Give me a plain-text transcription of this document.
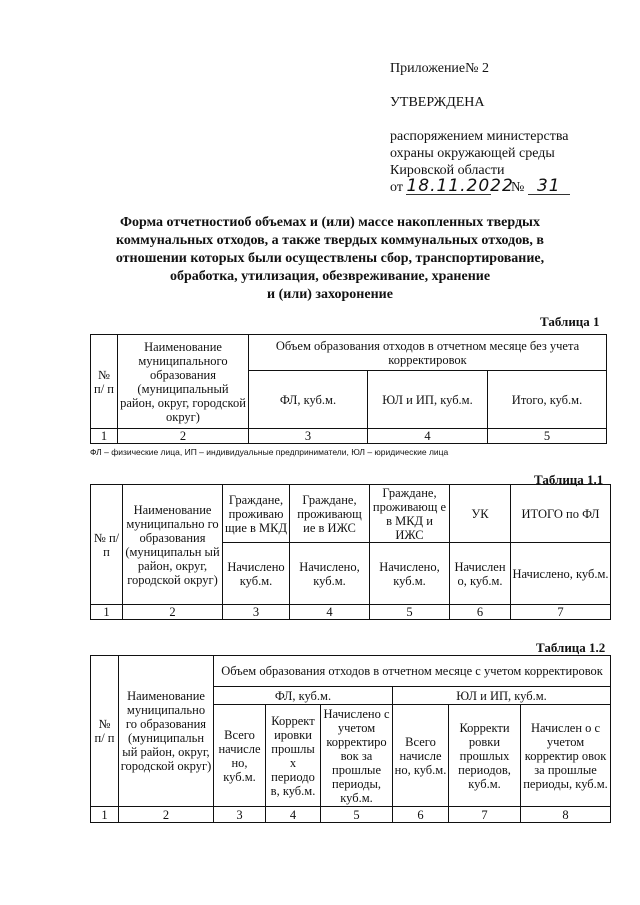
Приложение№ 2
УТВЕРЖДЕНА
распоряжением министерства
охраны окружающей среды
Кировской области
от 18.11.2022 № 31
Форма отчетностиоб объемах и (или) массе накопленных твердых
коммунальных отходов, а также твердых коммунальных отходов, в
отношении которых были осуществлены сбор, транспортирование,
обработка, утилизация, обезвреживание, хранение
и (или) захоронение
Таблица 1
№ п/ п	Наименование муниципального образования (муниципальный район, округ, городской округ)	Объем образования отходов в отчетном месяце без учета корректировок		
		ФЛ, куб.м.	ЮЛ и ИП, куб.м.	Итого, куб.м.
1	2	3	4	5
ФЛ – физические лица, ИП – индивидуальные предприниматели, ЮЛ – юридические лица
Таблица 1.1
№ п/п	Наименование муниципально го образования (муниципальн ый район, округ, городской округ)	Граждане, проживаю щие в МКД	Граждане, проживающ ие в ИЖС	Граждане, проживающ е в МКД и ИЖС	УК	ИТОГО по ФЛ
		Начислено куб.м.	Начислено, куб.м.	Начислено, куб.м.	Начислен о, куб.м.	Начислено, куб.м.
1	2	3	4	5	6	7
Таблица 1.2
№ п/ п	Наименование муниципально го образования (муниципальн ый район, округ, городской округ)	Объем образования отходов в отчетном месяце с учетом корректировок					
		ФЛ, куб.м.			ЮЛ и ИП, куб.м.		
		Всего начисле но, куб.м.	Коррект ировки прошлы х периодо в, куб.м.	Начислено с учетом корректиро вок за прошлые периоды, куб.м.	Всего начисле но, куб.м.	Корректи ровки прошлых периодов, куб.м.	Начислен о с учетом корректир овок за прошлые периоды, куб.м.
1	2	3	4	5	6	7	8
